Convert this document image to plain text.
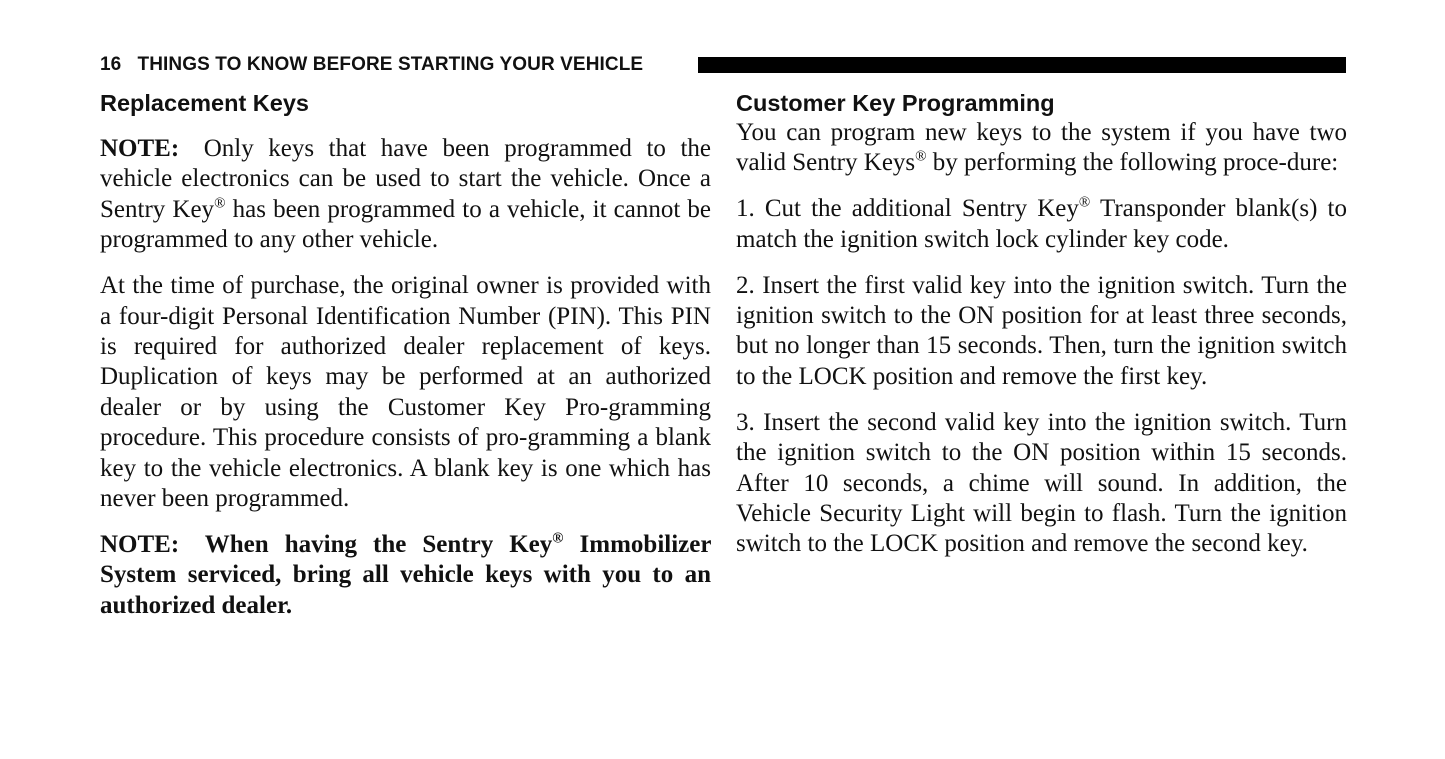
16 THINGS TO KNOW BEFORE STARTING YOUR VEHICLE
Replacement Keys
NOTE: Only keys that have been programmed to the vehicle electronics can be used to start the vehicle. Once a Sentry Key® has been programmed to a vehicle, it cannot be programmed to any other vehicle.
At the time of purchase, the original owner is provided with a four-digit Personal Identification Number (PIN). This PIN is required for authorized dealer replacement of keys. Duplication of keys may be performed at an authorized dealer or by using the Customer Key Pro-gramming procedure. This procedure consists of pro-gramming a blank key to the vehicle electronics. A blank key is one which has never been programmed.
NOTE: When having the Sentry Key® Immobilizer System serviced, bring all vehicle keys with you to an authorized dealer.
Customer Key Programming
You can program new keys to the system if you have two valid Sentry Keys® by performing the following proce-dure:
1. Cut the additional Sentry Key® Transponder blank(s) to match the ignition switch lock cylinder key code.
2. Insert the first valid key into the ignition switch. Turn the ignition switch to the ON position for at least three seconds, but no longer than 15 seconds. Then, turn the ignition switch to the LOCK position and remove the first key.
3. Insert the second valid key into the ignition switch. Turn the ignition switch to the ON position within 15 seconds. After 10 seconds, a chime will sound. In addition, the Vehicle Security Light will begin to flash. Turn the ignition switch to the LOCK position and remove the second key.
